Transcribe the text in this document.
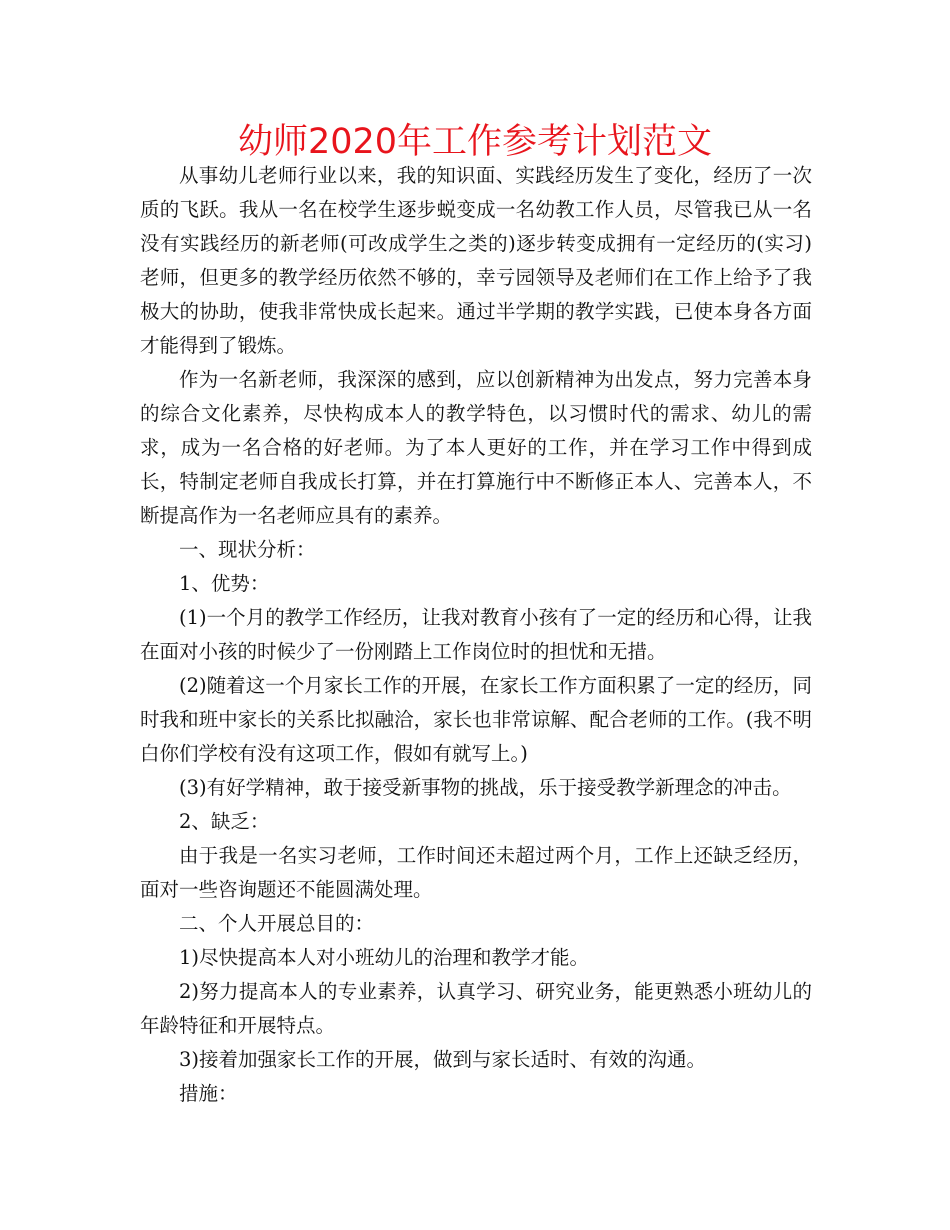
幼师2020年工作参考计划范文

从事幼儿老师行业以来，我的知识面、实践经历发生了变化，经历了一次质的飞跃。我从一名在校学生逐步蜕变成一名幼教工作人员，尽管我已从一名没有实践经历的新老师(可改成学生之类的)逐步转变成拥有一定经历的(实习)老师，但更多的教学经历依然不够的，幸亏园领导及老师们在工作上给予了我极大的协助，使我非常快成长起来。通过半学期的教学实践，已使本身各方面才能得到了锻炼。

作为一名新老师，我深深的感到，应以创新精神为出发点，努力完善本身的综合文化素养，尽快构成本人的教学特色，以习惯时代的需求、幼儿的需求，成为一名合格的好老师。为了本人更好的工作，并在学习工作中得到成长，特制定老师自我成长打算，并在打算施行中不断修正本人、完善本人，不断提高作为一名老师应具有的素养。

一、现状分析：

1、优势：

(1)一个月的教学工作经历，让我对教育小孩有了一定的经历和心得，让我在面对小孩的时候少了一份刚踏上工作岗位时的担忧和无措。

(2)随着这一个月家长工作的开展，在家长工作方面积累了一定的经历，同时我和班中家长的关系比拟融洽，家长也非常谅解、配合老师的工作。(我不明白你们学校有没有这项工作，假如有就写上。)

(3)有好学精神，敢于接受新事物的挑战，乐于接受教学新理念的冲击。

2、缺乏：

由于我是一名实习老师，工作时间还未超过两个月，工作上还缺乏经历，面对一些咨询题还不能圆满处理。

二、个人开展总目的：

1)尽快提高本人对小班幼儿的治理和教学才能。

2)努力提高本人的专业素养，认真学习、研究业务，能更熟悉小班幼儿的年龄特征和开展特点。

3)接着加强家长工作的开展，做到与家长适时、有效的沟通。

措施：
